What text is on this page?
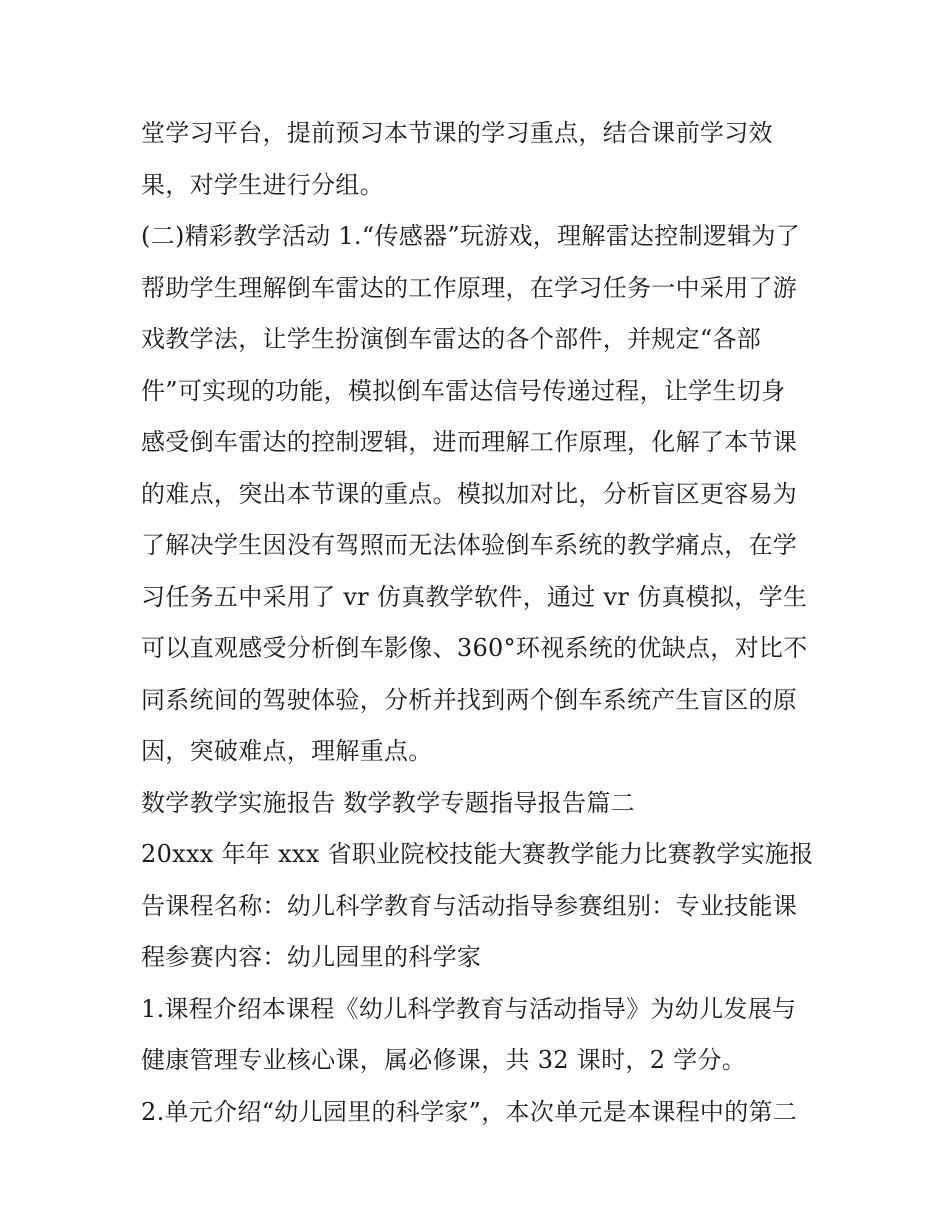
堂学习平台，提前预习本节课的学习重点，结合课前学习效
果，对学生进行分组。
(二)精彩教学活动 1.“传感器”玩游戏，理解雷达控制逻辑为了
帮助学生理解倒车雷达的工作原理，在学习任务一中采用了游
戏教学法，让学生扮演倒车雷达的各个部件，并规定“各部
件”可实现的功能，模拟倒车雷达信号传递过程，让学生切身
感受倒车雷达的控制逻辑，进而理解工作原理，化解了本节课
的难点，突出本节课的重点。模拟加对比，分析盲区更容易为
了解决学生因没有驾照而无法体验倒车系统的教学痛点，在学
习任务五中采用了 vr 仿真教学软件，通过 vr 仿真模拟，学生
可以直观感受分析倒车影像、360°环视系统的优缺点，对比不
同系统间的驾驶体验，分析并找到两个倒车系统产生盲区的原
因，突破难点，理解重点。
数学教学实施报告 数学教学专题指导报告篇二
20xxx 年年 xxx 省职业院校技能大赛教学能力比赛教学实施报
告课程名称：幼儿科学教育与活动指导参赛组别：专业技能课
程参赛内容：幼儿园里的科学家
1.课程介绍本课程《幼儿科学教育与活动指导》为幼儿发展与
健康管理专业核心课，属必修课，共 32 课时，2 学分。
2.单元介绍“幼儿园里的科学家”，本次单元是本课程中的第二
